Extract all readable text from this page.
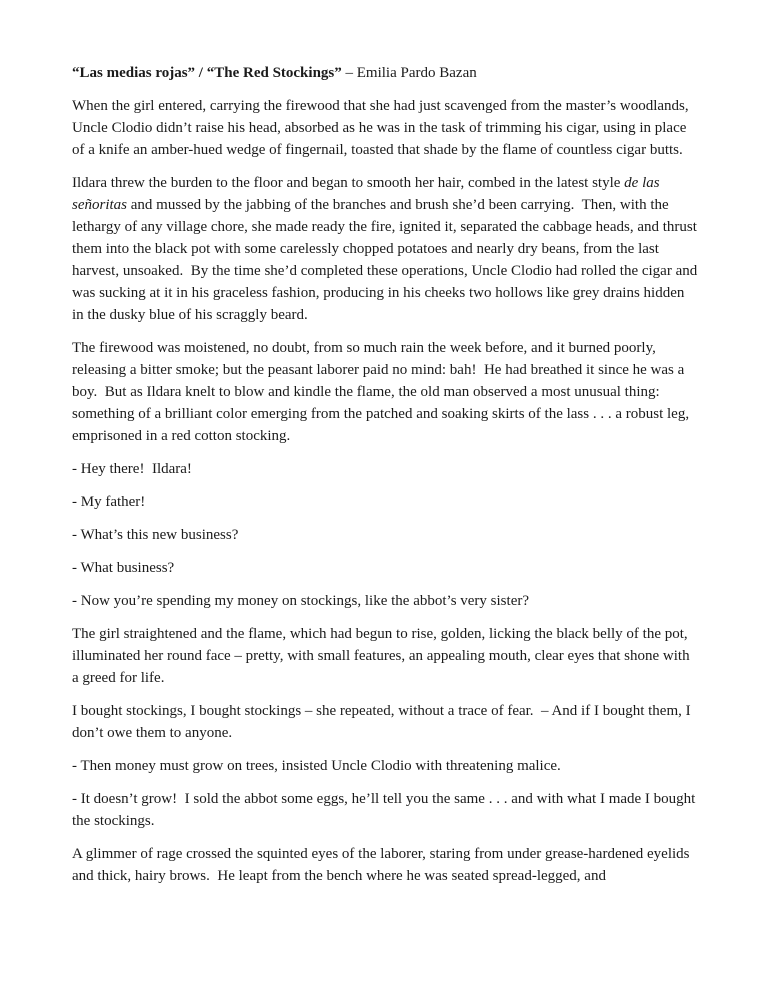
“Las medias rojas” / “The Red Stockings” – Emilia Pardo Bazan

When the girl entered, carrying the firewood that she had just scavenged from the master’s woodlands, Uncle Clodio didn’t raise his head, absorbed as he was in the task of trimming his cigar, using in place of a knife an amber-hued wedge of fingernail, toasted that shade by the flame of countless cigar butts.

Ildara threw the burden to the floor and began to smooth her hair, combed in the latest style de las señoritas and mussed by the jabbing of the branches and brush she’d been carrying.  Then, with the lethargy of any village chore, she made ready the fire, ignited it, separated the cabbage heads, and thrust them into the black pot with some carelessly chopped potatoes and nearly dry beans, from the last harvest, unsoaked.  By the time she’d completed these operations, Uncle Clodio had rolled the cigar and was sucking at it in his graceless fashion, producing in his cheeks two hollows like grey drains hidden in the dusky blue of his scraggly beard.

The firewood was moistened, no doubt, from so much rain the week before, and it burned poorly, releasing a bitter smoke; but the peasant laborer paid no mind: bah!  He had breathed it since he was a boy.  But as Ildara knelt to blow and kindle the flame, the old man observed a most unusual thing: something of a brilliant color emerging from the patched and soaking skirts of the lass . . . a robust leg, emprisoned in a red cotton stocking.

- Hey there!  Ildara!

- My father!

- What’s this new business?

- What business?

- Now you’re spending my money on stockings, like the abbot’s very sister?

The girl straightened and the flame, which had begun to rise, golden, licking the black belly of the pot, illuminated her round face – pretty, with small features, an appealing mouth, clear eyes that shone with a greed for life.

I bought stockings, I bought stockings – she repeated, without a trace of fear.  – And if I bought them, I don’t owe them to anyone.

- Then money must grow on trees, insisted Uncle Clodio with threatening malice.

- It doesn’t grow!  I sold the abbot some eggs, he’ll tell you the same . . . and with what I made I bought the stockings.

A glimmer of rage crossed the squinted eyes of the laborer, staring from under grease-hardened eyelids and thick, hairy brows.  He leapt from the bench where he was seated spread-legged, and
